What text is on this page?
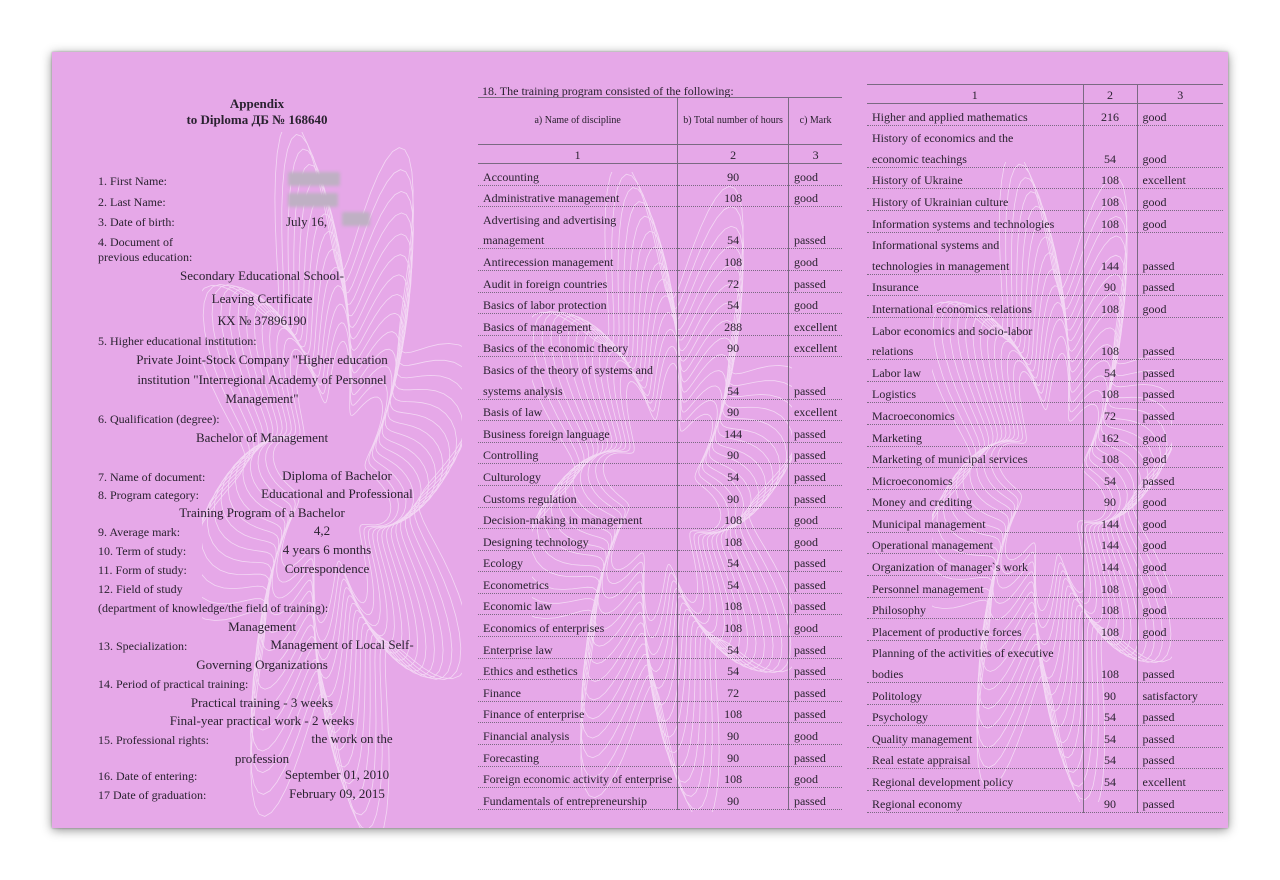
Appendix
to Diploma ДБ № 168640
1. First Name:
2. Last Name:
3. Date of birth:	July 16,
4. Document of
previous education:
Secondary Educational School-
Leaving Certificate
КХ № 37896190
5. Higher educational institution:
Private Joint-Stock Company "Higher education
institution "Interregional Academy of Personnel
Management"
6. Qualification (degree):
Bachelor of Management
7. Name of document:	Diploma of Bachelor
8. Program category:	Educational and Professional
Training Program of a Bachelor
9. Average mark:	4,2
10. Term of study:	4 years 6 months
11. Form of study:	Correspondence
12. Field of study
(department of knowledge/the field of training):
Management
13. Specialization:	Management of Local Self-
Governing Organizations
14. Period of practical training:
Practical training - 3 weeks
Final-year practical work - 2 weeks
15. Professional rights:	the work on the
profession
16. Date of entering:	September 01, 2010
17 Date of graduation:	February 09, 2015
18. The training program consisted of the following:
a) Name of discipline	b) Total number of hours	c) Mark
1	2	3
Accounting	90	good
Administrative management	108	good
Advertising and advertising		
management	54	passed
Antirecession management	108	good
Audit in foreign countries	72	passed
Basics of labor protection	54	good
Basics of management	288	excellent
Basics of the economic theory	90	excellent
Basics of the theory of systems and		
systems analysis	54	passed
Basis of law	90	excellent
Business foreign language	144	passed
Controlling	90	passed
Culturology	54	passed
Customs regulation	90	passed
Decision-making in management	108	good
Designing technology	108	good
Ecology	54	passed
Econometrics	54	passed
Economic law	108	passed
Economics of enterprises	108	good
Enterprise law	54	passed
Ethics and esthetics	54	passed
Finance	72	passed
Finance of enterprise	108	passed
Financial analysis	90	good
Forecasting	90	passed
Foreign economic activity of enterprise	108	good
Fundamentals of entrepreneurship	90	passed
1	2	3
Higher and applied mathematics	216	good
History of economics and the		
economic teachings	54	good
History of Ukraine	108	excellent
History of Ukrainian culture	108	good
Information systems and technologies	108	good
Informational systems and		
technologies in management	144	passed
Insurance	90	passed
International economics relations	108	good
Labor economics and socio-labor		
relations	108	passed
Labor law	54	passed
Logistics	108	passed
Macroeconomics	72	passed
Marketing	162	good
Marketing of municipal services	108	good
Microeconomics	54	passed
Money and crediting	90	good
Municipal management	144	good
Operational management	144	good
Organization of manager`s work	144	good
Personnel management	108	good
Philosophy	108	good
Placement of productive forces	108	good
Planning of the activities of executive		
bodies	108	passed
Politology	90	satisfactory
Psychology	54	passed
Quality management	54	passed
Real estate appraisal	54	passed
Regional development policy	54	excellent
Regional economy	90	passed
